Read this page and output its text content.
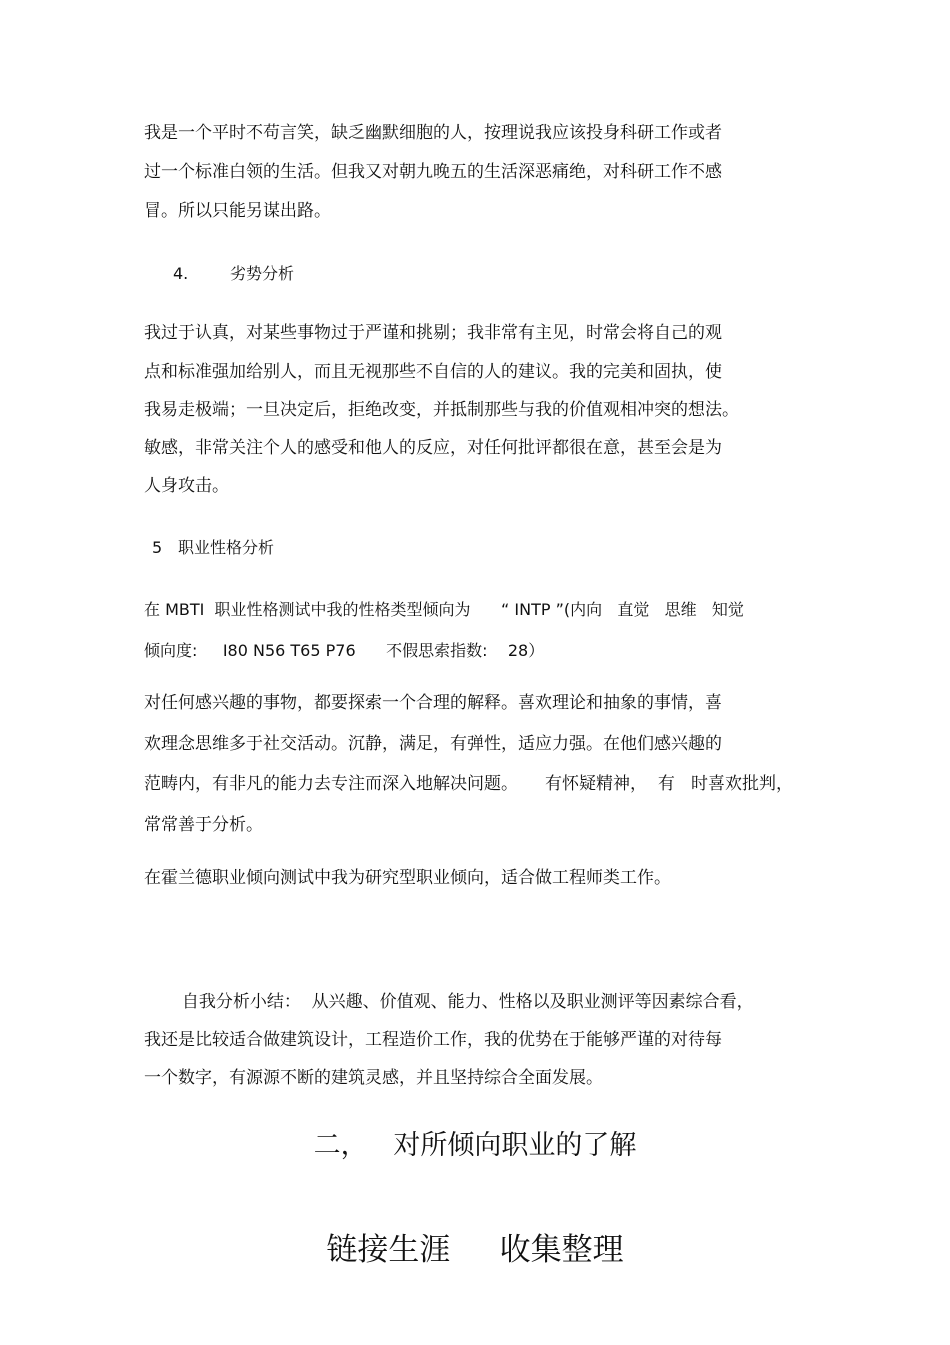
我是一个平时不苟言笑，缺乏幽默细胞的人，按理说我应该投身科研工作或者
过一个标准白领的生活。但我又对朝九晚五的生活深恶痛绝，对科研工作不感
冒。所以只能另谋出路。
4.	劣势分析
我过于认真，对某些事物过于严谨和挑剔；我非常有主见，时常会将自己的观
点和标准强加给别人，而且无视那些不自信的人的建议。我的完美和固执，使
我易走极端；一旦决定后，拒绝改变，并抵制那些与我的价值观相冲突的想法。
敏感，非常关注个人的感受和他人的反应，对任何批评都很在意，甚至会是为
人身攻击。
5 职业性格分析
在 MBTI  职业性格测试中我的性格类型倾向为      “ INTP ”(内向   直觉   思维   知觉
倾向度:     I80 N56 T65 P76      不假思索指数:    28）
对任何感兴趣的事物，都要探索一个合理的解释。喜欢理论和抽象的事情，喜
欢理念思维多于社交活动。沉静，满足，有弹性，适应力强。在他们感兴趣的
范畴内，有非凡的能力去专注而深入地解决问题。     有怀疑精神，  有   时喜欢批判，
常常善于分析。
在霍兰德职业倾向测试中我为研究型职业倾向，适合做工程师类工作。
自我分析小结：  从兴趣、价值观、能力、性格以及职业测评等因素综合看，
我还是比较适合做建筑设计，工程造价工作，我的优势在于能够严谨的对待每
一个数字，有源源不断的建筑灵感，并且坚持综合全面发展。
二，   对所倾向职业的了解
链接生涯     收集整理
